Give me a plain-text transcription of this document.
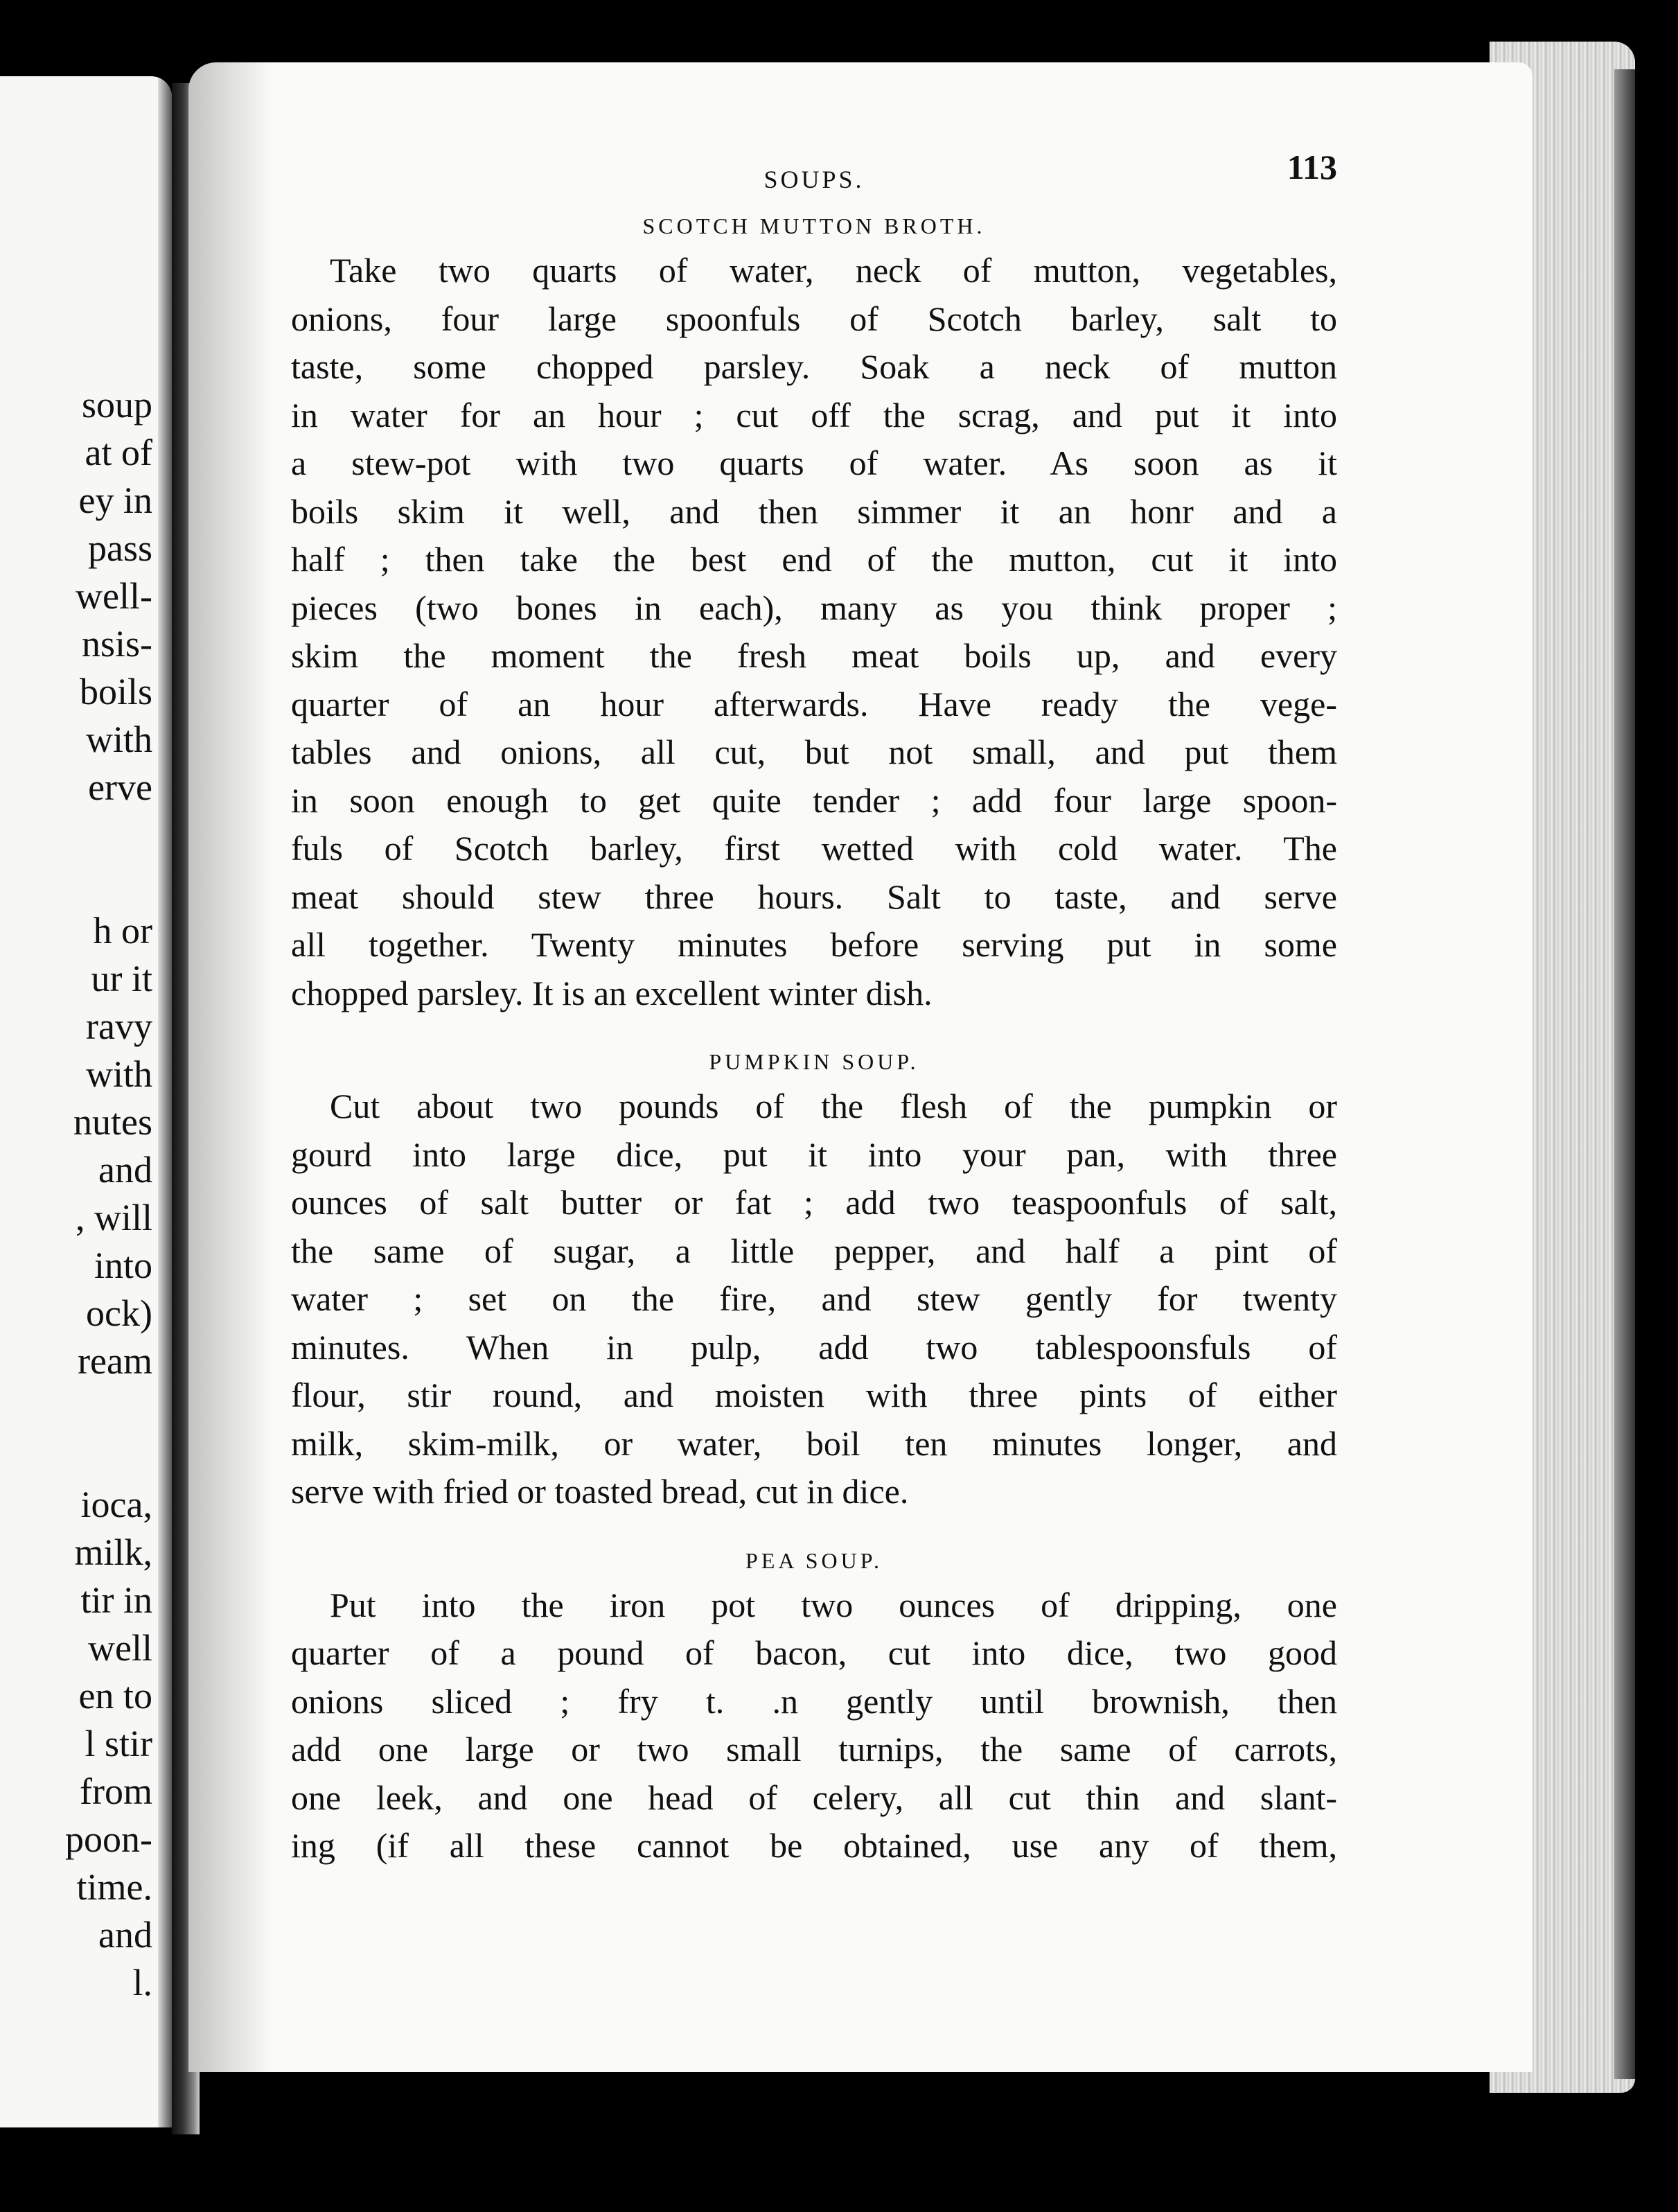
soup
at of
ey in
pass
well-
nsis-
boils
with
erve
h or
ur it
ravy
with
nutes
and
, will
into
ock)
ream
ioca,
milk,
tir in
well
en to
l stir
from
poon-
time.
and
l.
SOUPS.	113
SCOTCH MUTTON BROTH.

Take two quarts of water, neck of mutton, vegetables,
onions, four large spoonfuls of Scotch barley, salt to
taste, some chopped parsley. Soak a neck of mutton
in water for an hour ; cut off the scrag, and put it into
a stew-pot with two quarts of water. As soon as it
boils skim it well, and then simmer it an honr and a
half ; then take the best end of the mutton, cut it into
pieces (two bones in each), many as you think proper ;
skim the moment the fresh meat boils up, and every
quarter of an hour afterwards. Have ready the vege-
tables and onions, all cut, but not small, and put them
in soon enough to get quite tender ; add four large spoon-
fuls of Scotch barley, first wetted with cold water. The
meat should stew three hours. Salt to taste, and serve
all together. Twenty minutes before serving put in some
chopped parsley. It is an excellent winter dish.

PUMPKIN SOUP.

Cut about two pounds of the flesh of the pumpkin or
gourd into large dice, put it into your pan, with three
ounces of salt butter or fat ; add two teaspoonfuls of salt,
the same of sugar, a little pepper, and half a pint of
water ; set on the fire, and stew gently for twenty
minutes. When in pulp, add two tablespoonsfuls of
flour, stir round, and moisten with three pints of either
milk, skim-milk, or water, boil ten minutes longer, and
serve with fried or toasted bread, cut in dice.

PEA SOUP.

Put into the iron pot two ounces of dripping, one
quarter of a pound of bacon, cut into dice, two good
onions sliced ; fry t. .n gently until brownish, then
add one large or two small turnips, the same of carrots,
one leek, and one head of celery, all cut thin and slant-
ing (if all these cannot be obtained, use any of them,
